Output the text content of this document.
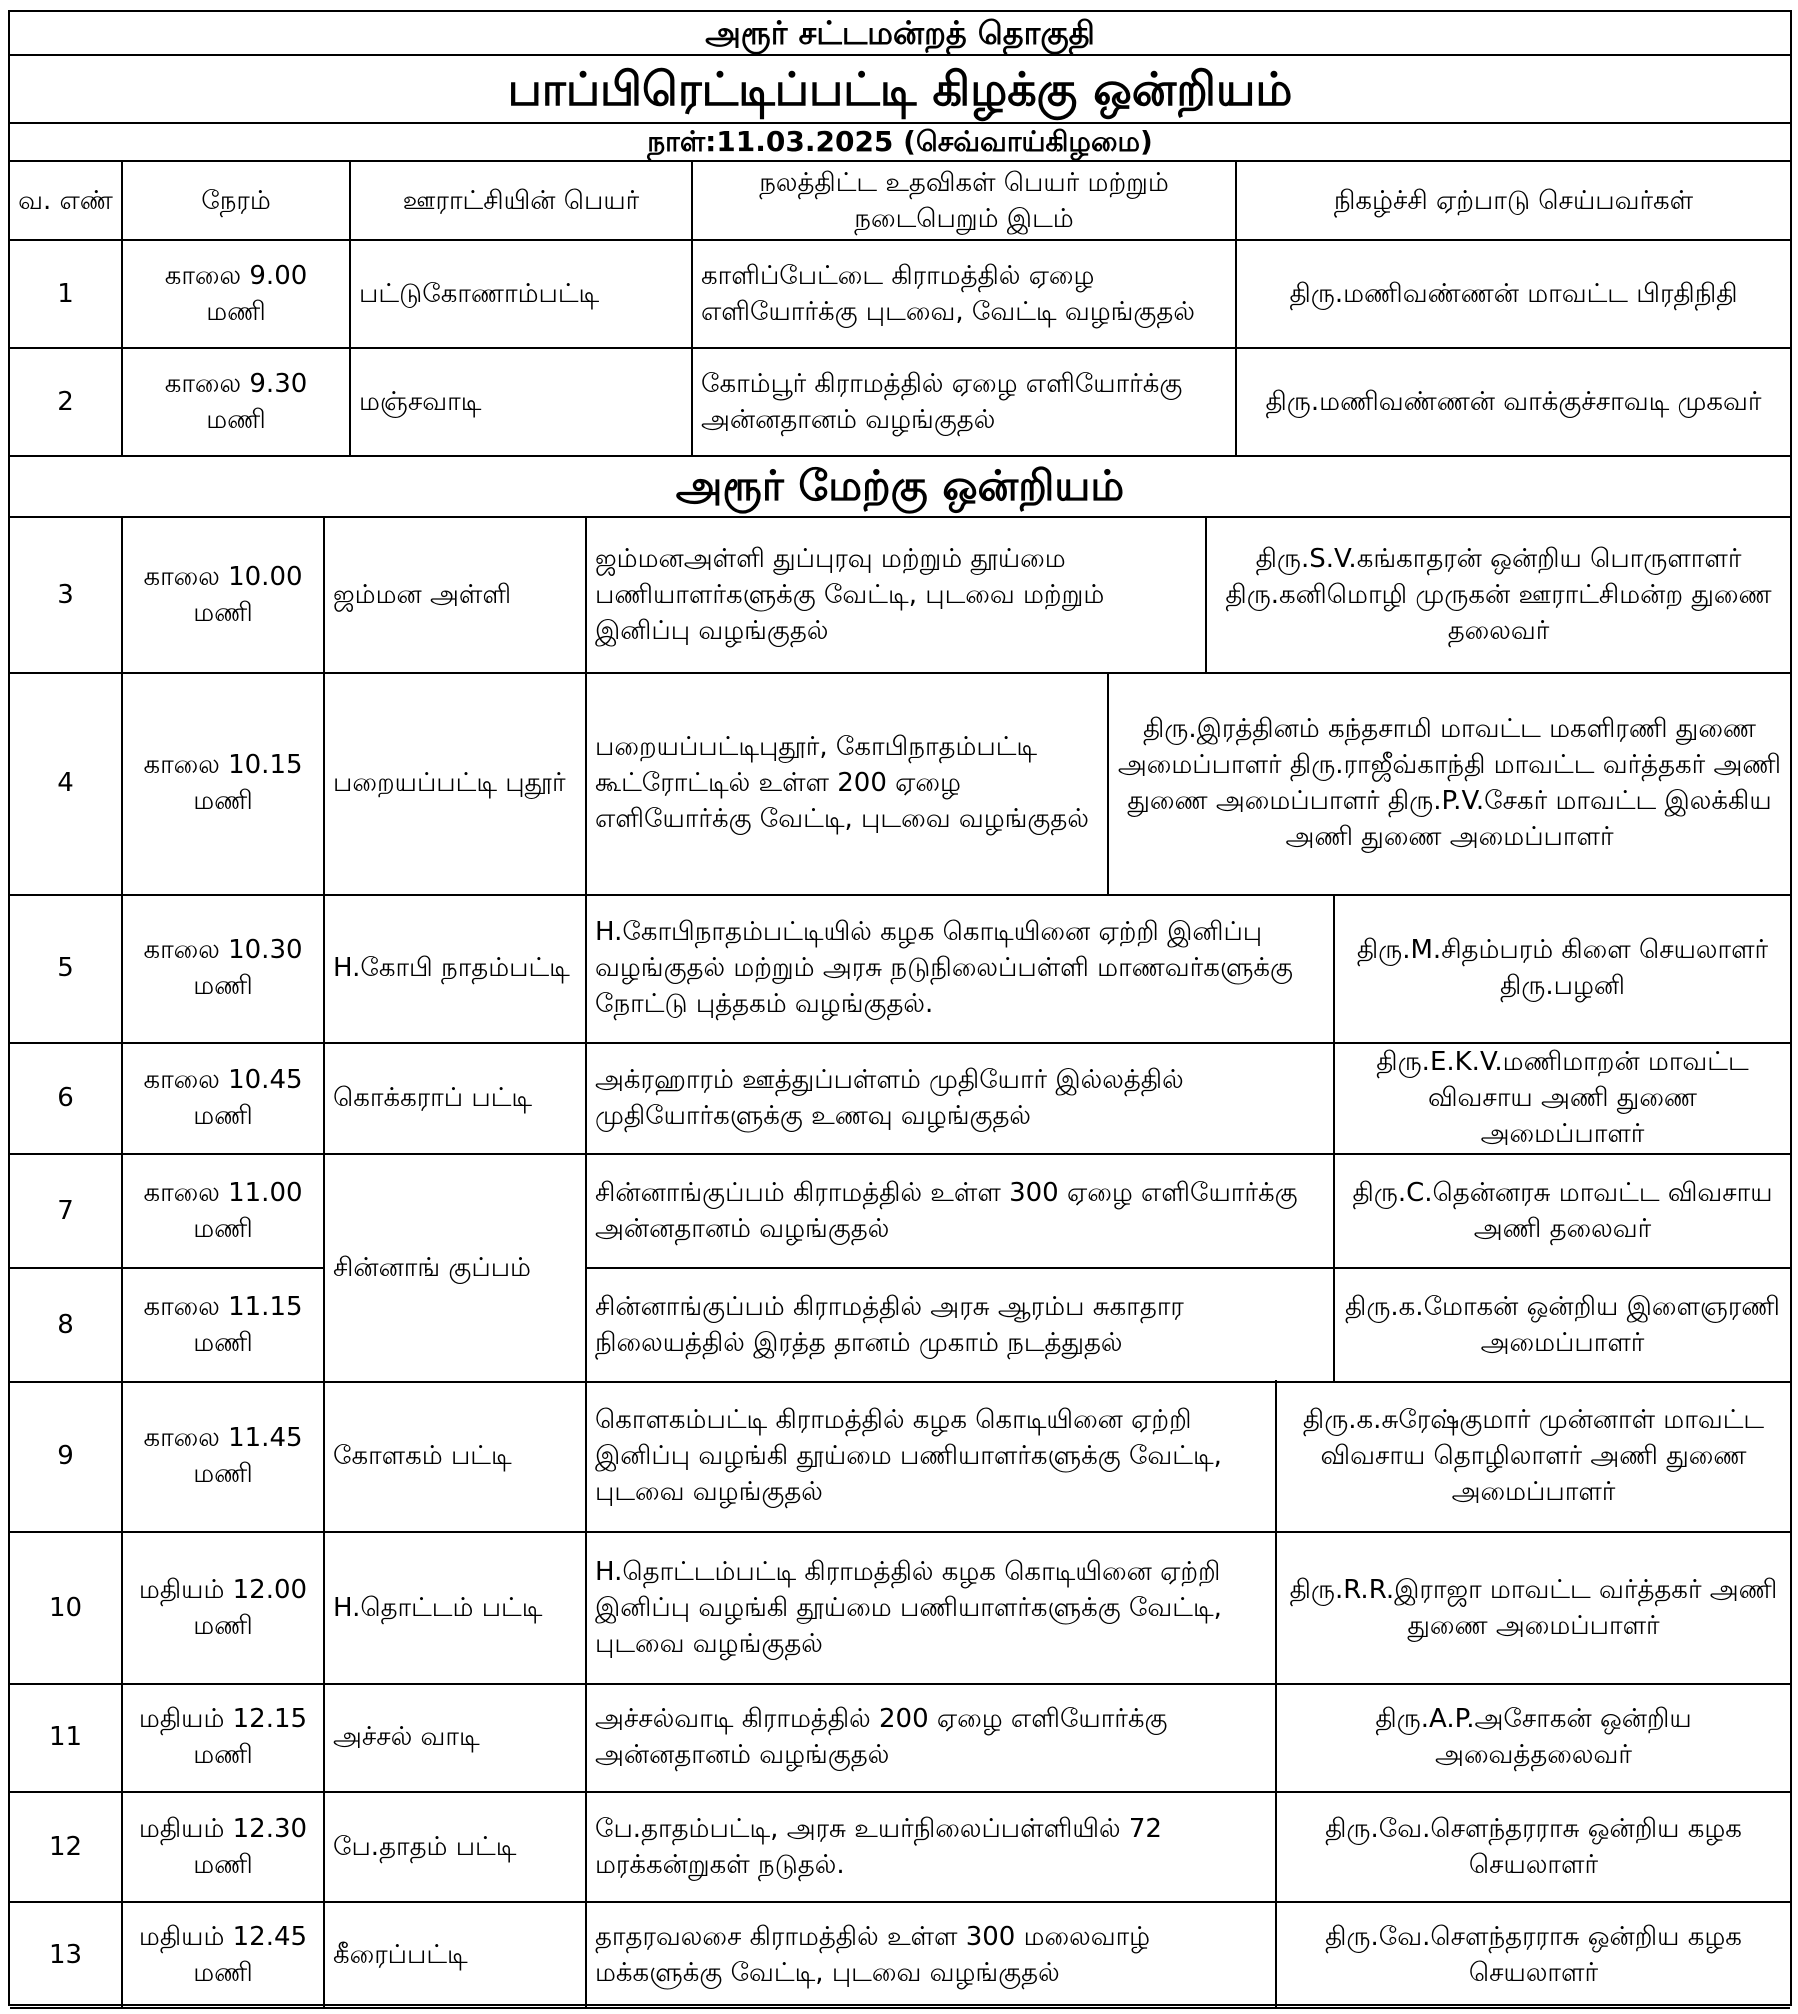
அரூர் சட்டமன்றத் தொகுதி
பாப்பிரெட்டிப்பட்டி கிழக்கு ஒன்றியம்
நாள்:11.03.2025 (செவ்வாய்கிழமை)
வ. எண்	நேரம்	ஊராட்சியின் பெயர்	நலத்திட்ட உதவிகள் பெயர் மற்றும் நடைபெறும் இடம்	நிகழ்ச்சி ஏற்பாடு செய்பவர்கள்
1	காலை 9.00 மணி	பட்டுகோணாம்பட்டி	காளிப்பேட்டை கிராமத்தில் ஏழை எளியோர்க்கு புடவை, வேட்டி வழங்குதல்	திரு.மணிவண்ணன் மாவட்ட பிரதிநிதி
2	காலை 9.30 மணி	மஞ்சவாடி	கோம்பூர் கிராமத்தில் ஏழை எளியோர்க்கு அன்னதானம் வழங்குதல்	திரு.மணிவண்ணன் வாக்குச்சாவடி முகவர்
அரூர் மேற்கு ஒன்றியம்
3	காலை 10.00 மணி	ஜம்மன அள்ளி	ஜம்மனஅள்ளி துப்புரவு மற்றும் தூய்மை பணியாளர்களுக்கு வேட்டி, புடவை மற்றும் இனிப்பு வழங்குதல்	திரு.S.V.கங்காதரன் ஒன்றிய பொருளாளர் திரு.கனிமொழி முருகன் ஊராட்சிமன்ற துணை தலைவர்
4	காலை 10.15 மணி	பறையப்பட்டி புதூர்	பறையப்பட்டிபுதூர், கோபிநாதம்பட்டி கூட்ரோட்டில் உள்ள 200 ஏழை எளியோர்க்கு வேட்டி, புடவை வழங்குதல்	திரு.இரத்தினம் கந்தசாமி மாவட்ட மகளிரணி துணை அமைப்பாளர் திரு.ராஜீவ்காந்தி மாவட்ட வர்த்தகர் அணி துணை அமைப்பாளர் திரு.P.V.சேகர் மாவட்ட இலக்கிய அணி துணை அமைப்பாளர்
5	காலை 10.30 மணி	H.கோபி நாதம்பட்டி	H.கோபிநாதம்பட்டியில் கழக கொடியினை ஏற்றி இனிப்பு வழங்குதல் மற்றும் அரசு நடுநிலைப்பள்ளி மாணவர்களுக்கு நோட்டு புத்தகம் வழங்குதல்.	திரு.M.சிதம்பரம் கிளை செயலாளர் திரு.பழனி
6	காலை 10.45 மணி	கொக்கராப் பட்டி	அக்ரஹாரம் ஊத்துப்பள்ளம் முதியோர் இல்லத்தில் முதியோர்களுக்கு உணவு வழங்குதல்	திரு.E.K.V.மணிமாறன் மாவட்ட விவசாய அணி துணை அமைப்பாளர்
7	காலை 11.00 மணி	சின்னாங் குப்பம்	சின்னாங்குப்பம் கிராமத்தில் உள்ள 300 ஏழை எளியோர்க்கு அன்னதானம் வழங்குதல்	திரு.C.தென்னரசு மாவட்ட விவசாய அணி தலைவர்
8	காலை 11.15 மணி		சின்னாங்குப்பம் கிராமத்தில் அரசு ஆரம்ப சுகாதார நிலையத்தில் இரத்த தானம் முகாம் நடத்துதல்	திரு.க.மோகன் ஒன்றிய இளைஞரணி அமைப்பாளர்
9	காலை 11.45 மணி	கோளகம் பட்டி	கொளகம்பட்டி கிராமத்தில் கழக கொடியினை ஏற்றி இனிப்பு வழங்கி தூய்மை பணியாளர்களுக்கு வேட்டி, புடவை வழங்குதல்	திரு.க.சுரேஷ்குமார் முன்னாள் மாவட்ட விவசாய தொழிலாளர் அணி துணை அமைப்பாளர்
10	மதியம் 12.00 மணி	H.தொட்டம் பட்டி	H.தொட்டம்பட்டி கிராமத்தில் கழக கொடியினை ஏற்றி இனிப்பு வழங்கி தூய்மை பணியாளர்களுக்கு வேட்டி, புடவை வழங்குதல்	திரு.R.R.இராஜா மாவட்ட வர்த்தகர் அணி துணை அமைப்பாளர்
11	மதியம் 12.15 மணி	அச்சல் வாடி	அச்சல்வாடி கிராமத்தில் 200 ஏழை எளியோர்க்கு அன்னதானம் வழங்குதல்	திரு.A.P.அசோகன் ஒன்றிய அவைத்தலைவர்
12	மதியம் 12.30 மணி	பே.தாதம் பட்டி	பே.தாதம்பட்டி, அரசு உயர்நிலைப்பள்ளியில் 72 மரக்கன்றுகள் நடுதல்.	திரு.வே.சௌந்தரராசு ஒன்றிய கழக செயலாளர்
13	மதியம் 12.45 மணி	கீரைப்பட்டி	தாதரவலசை கிராமத்தில் உள்ள 300 மலைவாழ் மக்களுக்கு வேட்டி, புடவை வழங்குதல்	திரு.வே.சௌந்தரராசு ஒன்றிய கழக செயலாளர்
